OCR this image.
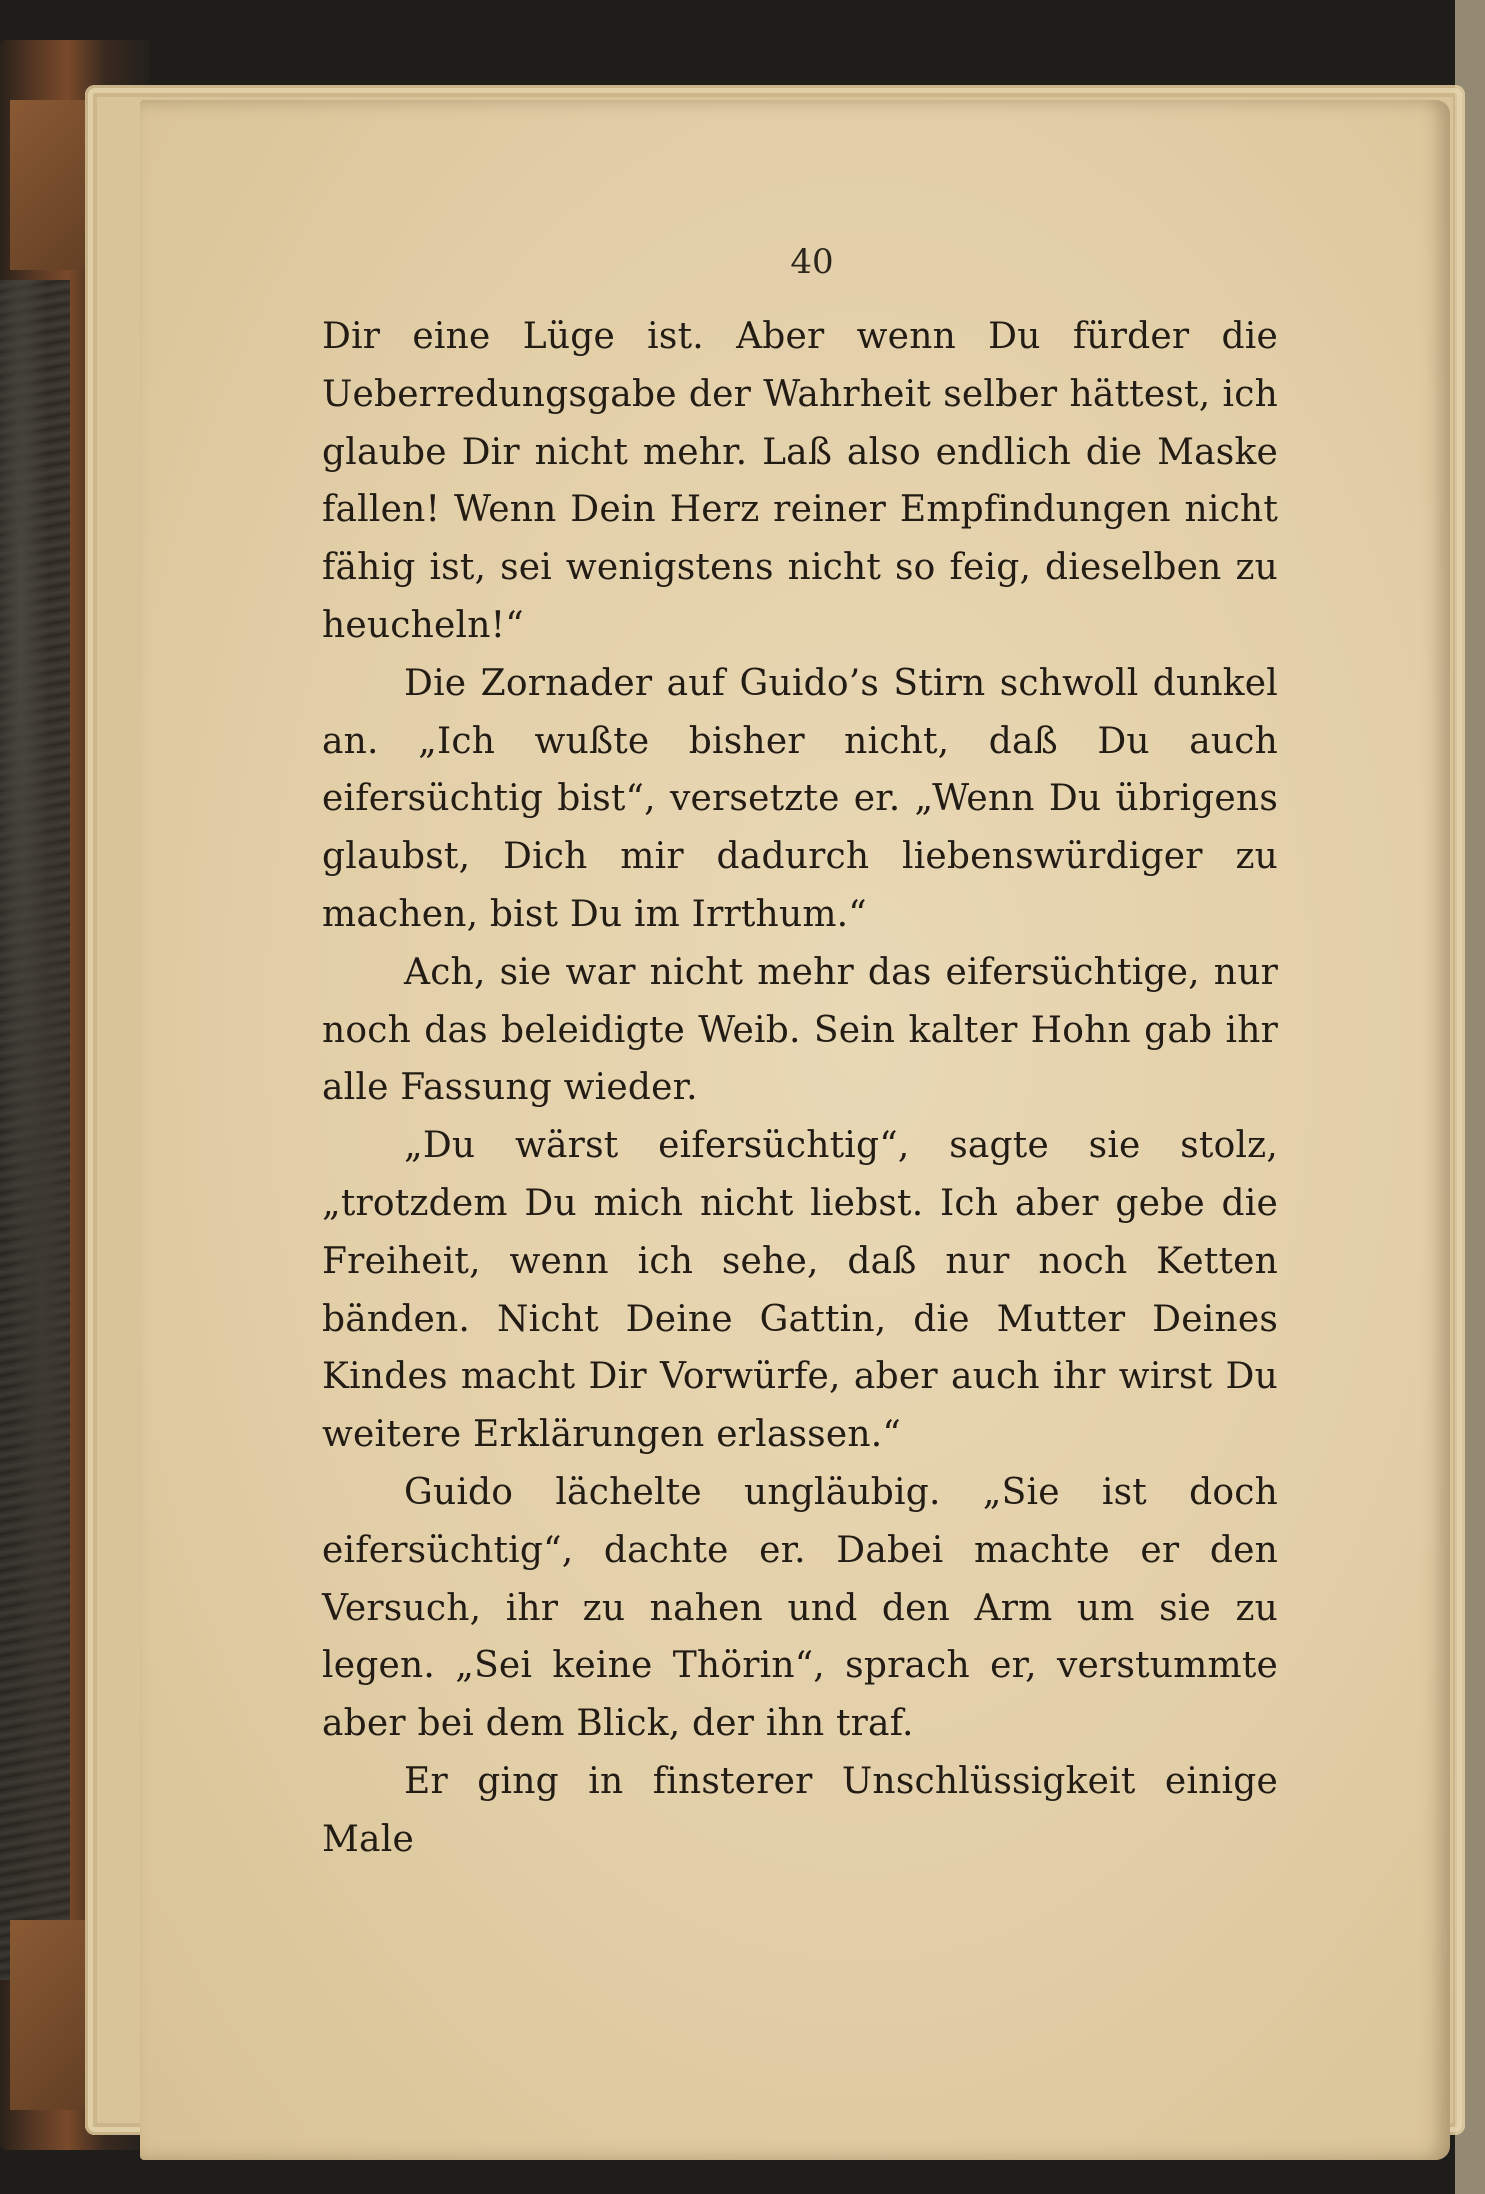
40

Dir eine Lüge ist. Aber wenn Du fürder die Ueberredungsgabe der Wahrheit selber hättest, ich glaube Dir nicht mehr. Laß also endlich die Maske fallen! Wenn Dein Herz reiner Empfindungen nicht fähig ist, sei wenigstens nicht so feig, dieselben zu heucheln!“

Die Zornader auf Guido’s Stirn schwoll dunkel an. „Ich wußte bisher nicht, daß Du auch eifersüchtig bist“, versetzte er. „Wenn Du übrigens glaubst, Dich mir dadurch liebenswürdiger zu machen, bist Du im Irrthum.“

Ach, sie war nicht mehr das eifersüchtige, nur noch das beleidigte Weib. Sein kalter Hohn gab ihr alle Fassung wieder.

„Du wärst eifersüchtig“, sagte sie stolz, „trotzdem Du mich nicht liebst. Ich aber gebe die Freiheit, wenn ich sehe, daß nur noch Ketten bänden. Nicht Deine Gattin, die Mutter Deines Kindes macht Dir Vorwürfe, aber auch ihr wirst Du weitere Erklärungen erlassen.“

Guido lächelte ungläubig. „Sie ist doch eifersüchtig“, dachte er. Dabei machte er den Versuch, ihr zu nahen und den Arm um sie zu legen. „Sei keine Thörin“, sprach er, verstummte aber bei dem Blick, der ihn traf.

Er ging in finsterer Unschlüssigkeit einige Male
